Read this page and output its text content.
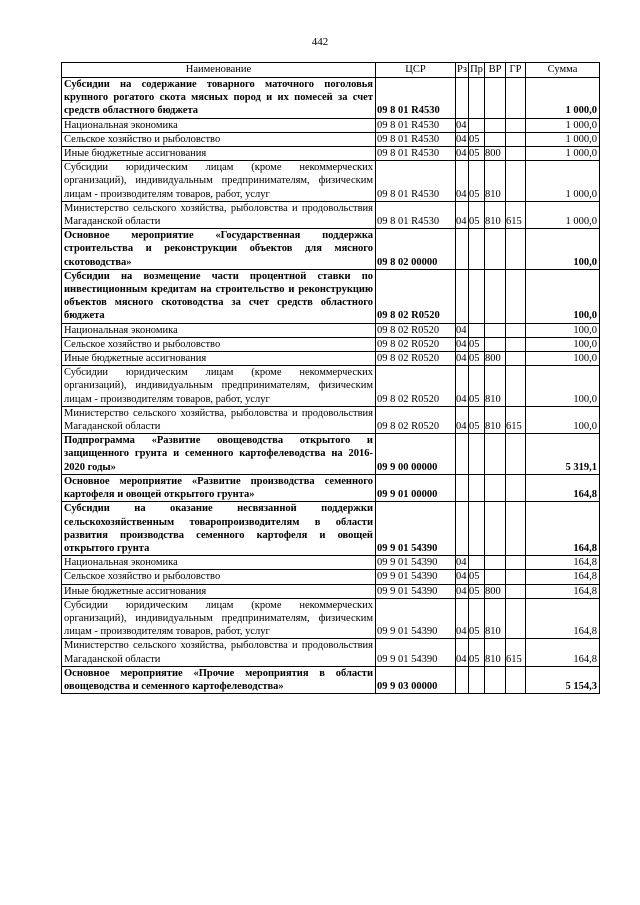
442
Наименование	ЦСР	Рз	Пр	ВР	ГР	Сумма
Субсидии на содержание товарного маточного поголовья крупного рогатого скота мясных пород и их помесей за счет средств областного бюджета	09 8 01 R4530					1 000,0
Национальная экономика	09 8 01 R4530	04				1 000,0
Сельское хозяйство и рыболовство	09 8 01 R4530	04	05			1 000,0
Иные бюджетные ассигнования	09 8 01 R4530	04	05	800		1 000,0
Субсидии юридическим лицам (кроме некоммерческих организаций), индивидуальным предпринимателям, физическим лицам - производителям товаров, работ, услуг	09 8 01 R4530	04	05	810		1 000,0
Министерство сельского хозяйства, рыболовства и продовольствия Магаданской области	09 8 01 R4530	04	05	810	615	1 000,0
Основное мероприятие «Государственная поддержка строительства и реконструкции объектов для мясного скотоводства»	09 8 02 00000					100,0
Субсидии на возмещение части процентной ставки по инвестиционным кредитам на строительство и реконструкцию объектов мясного скотоводства за счет средств областного бюджета	09 8 02 R0520					100,0
Национальная экономика	09 8 02 R0520	04				100,0
Сельское хозяйство и рыболовство	09 8 02 R0520	04	05			100,0
Иные бюджетные ассигнования	09 8 02 R0520	04	05	800		100,0
Субсидии юридическим лицам (кроме некоммерческих организаций), индивидуальным предпринимателям, физическим лицам - производителям товаров, работ, услуг	09 8 02 R0520	04	05	810		100,0
Министерство сельского хозяйства, рыболовства и продовольствия Магаданской области	09 8 02 R0520	04	05	810	615	100,0
Подпрограмма «Развитие овощеводства открытого и защищенного грунта и семенного картофелеводства на 2016-2020 годы»	09 9 00 00000					5 319,1
Основное мероприятие «Развитие производства семенного картофеля и овощей открытого грунта»	09 9 01 00000					164,8
Субсидии на оказание несвязанной поддержки сельскохозяйственным товаропроизводителям в области развития производства семенного картофеля и овощей открытого грунта	09 9 01 54390					164,8
Национальная экономика	09 9 01 54390	04				164,8
Сельское хозяйство и рыболовство	09 9 01 54390	04	05			164,8
Иные бюджетные ассигнования	09 9 01 54390	04	05	800		164,8
Субсидии юридическим лицам (кроме некоммерческих организаций), индивидуальным предпринимателям, физическим лицам - производителям товаров, работ, услуг	09 9 01 54390	04	05	810		164,8
Министерство сельского хозяйства, рыболовства и продовольствия Магаданской области	09 9 01 54390	04	05	810	615	164,8
Основное мероприятие «Прочие мероприятия в области овощеводства и семенного картофелеводства»	09 9 03 00000					5 154,3
